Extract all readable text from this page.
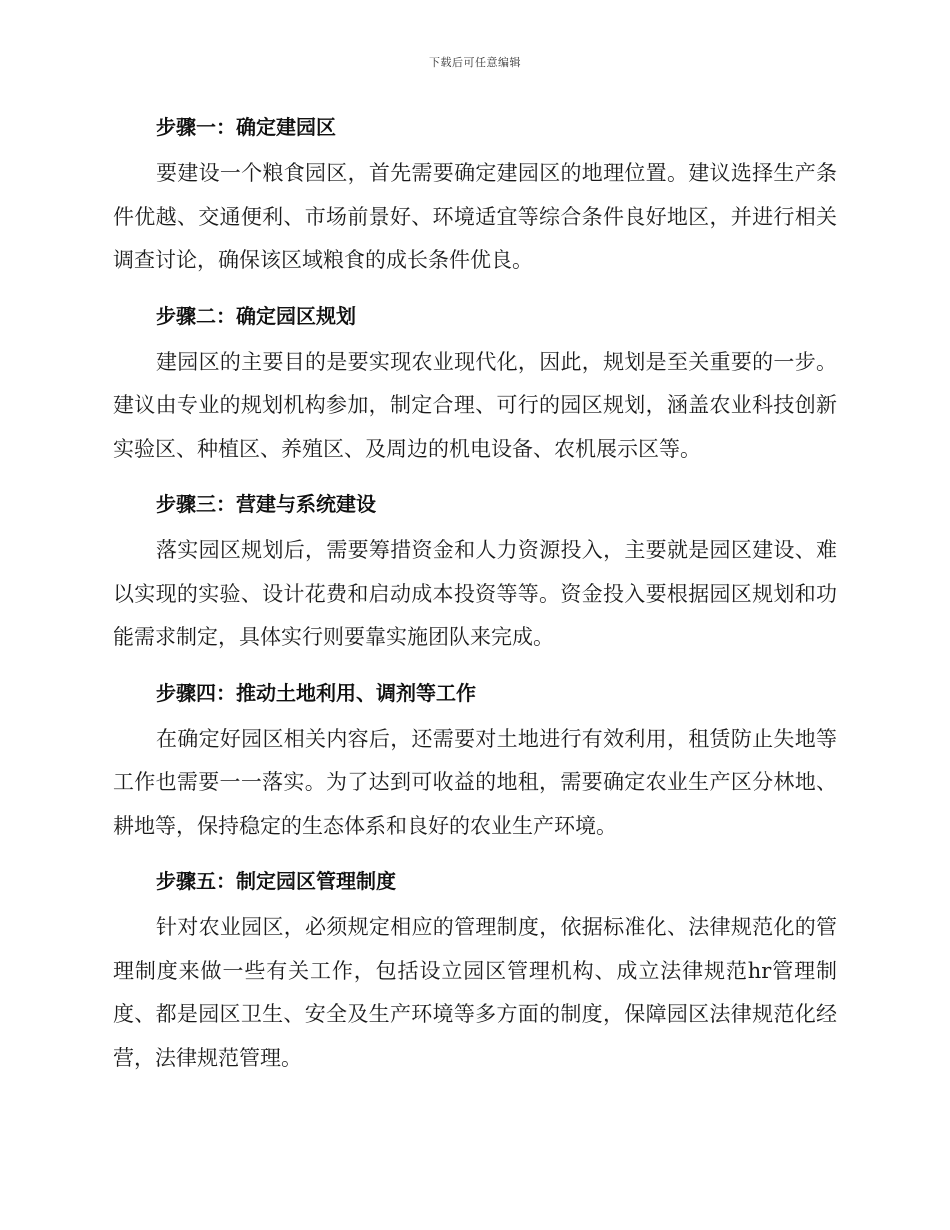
下载后可任意编辑

步骤一：确定建园区

要建设一个粮食园区，首先需要确定建园区的地理位置。建议选择生产条件优越、交通便利、市场前景好、环境适宜等综合条件良好地区，并进行相关调查讨论，确保该区域粮食的成长条件优良。

步骤二：确定园区规划

建园区的主要目的是要实现农业现代化，因此，规划是至关重要的一步。建议由专业的规划机构参加，制定合理、可行的园区规划，涵盖农业科技创新实验区、种植区、养殖区、及周边的机电设备、农机展示区等。

步骤三：营建与系统建设

落实园区规划后，需要筹措资金和人力资源投入，主要就是园区建设、难以实现的实验、设计花费和启动成本投资等等。资金投入要根据园区规划和功能需求制定，具体实行则要靠实施团队来完成。

步骤四：推动土地利用、调剂等工作

在确定好园区相关内容后，还需要对土地进行有效利用，租赁防止失地等工作也需要一一落实。为了达到可收益的地租，需要确定农业生产区分林地、耕地等，保持稳定的生态体系和良好的农业生产环境。

步骤五：制定园区管理制度

针对农业园区，必须规定相应的管理制度，依据标准化、法律规范化的管理制度来做一些有关工作，包括设立园区管理机构、成立法律规范hr管理制度、都是园区卫生、安全及生产环境等多方面的制度，保障园区法律规范化经营，法律规范管理。
